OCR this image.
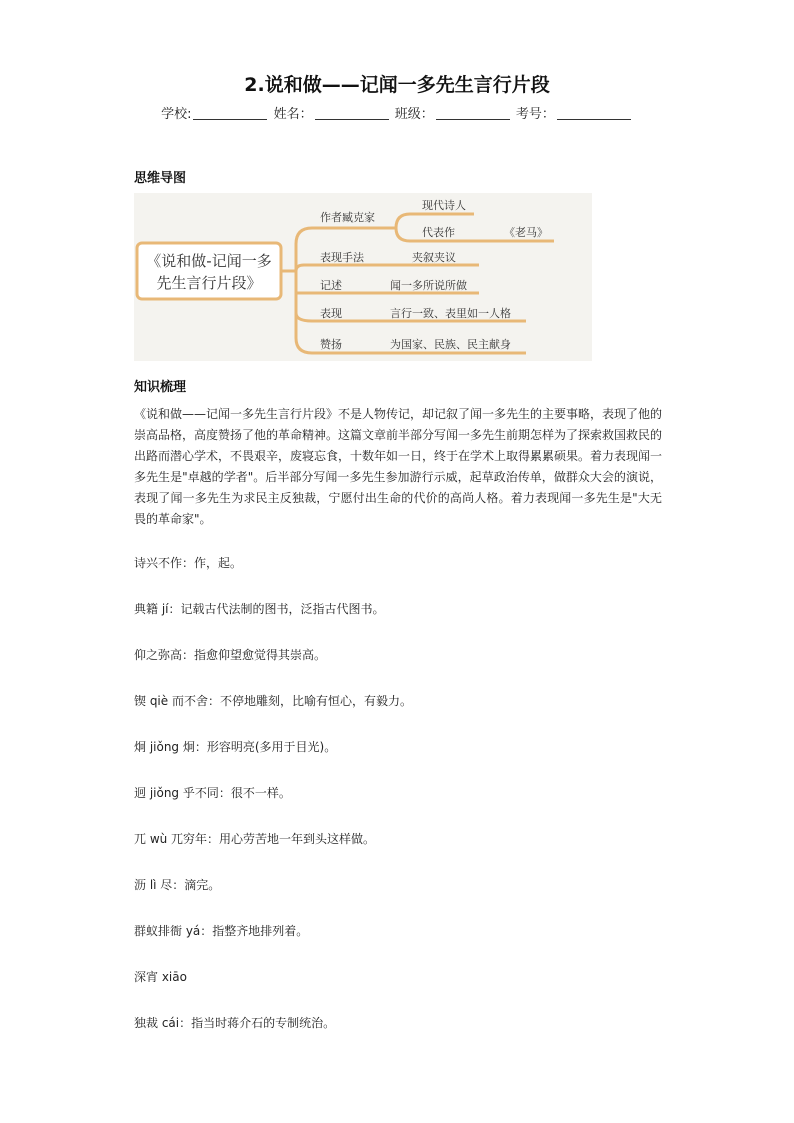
2.说和做——记闻一多先生言行片段
学校:	姓名：	班级：	考号：
思维导图
《说和做-记闻一多
先生言行片段》
作者臧克家
表现手法
记述
表现
赞扬
夹叙夹议
闻一多所说所做
言行一致、表里如一人格
为国家、民族、民主献身
现代诗人
代表作	《老马》
知识梳理
《说和做——记闻一多先生言行片段》不是人物传记，却记叙了闻一多先生的主要事略，表现了他的崇高品格，高度赞扬了他的革命精神。这篇文章前半部分写闻一多先生前期怎样为了探索救国救民的出路而潜心学术，不畏艰辛，废寝忘食，十数年如一日，终于在学术上取得累累硕果。着力表现闻一多先生是"卓越的学者"。后半部分写闻一多先生参加游行示威，起草政治传单，做群众大会的演说，表现了闻一多先生为求民主反独裁，宁愿付出生命的代价的高尚人格。着力表现闻一多先生是"大无畏的革命家"。
诗兴不作：作，起。
典籍 jí：记载古代法制的图书，泛指古代图书。
仰之弥高：指愈仰望愈觉得其崇高。
锲 qiè 而不舍：不停地雕刻，比喻有恒心，有毅力。
炯 jiǒng 炯：形容明亮(多用于目光)。
迥 jiǒng 乎不同：很不一样。
兀 wù 兀穷年：用心劳苦地一年到头这样做。
沥 lì 尽：滴完。
群蚁排衙 yá：指整齐地排列着。
深宵 xiāo
独裁 cái：指当时蒋介石的专制统治。
